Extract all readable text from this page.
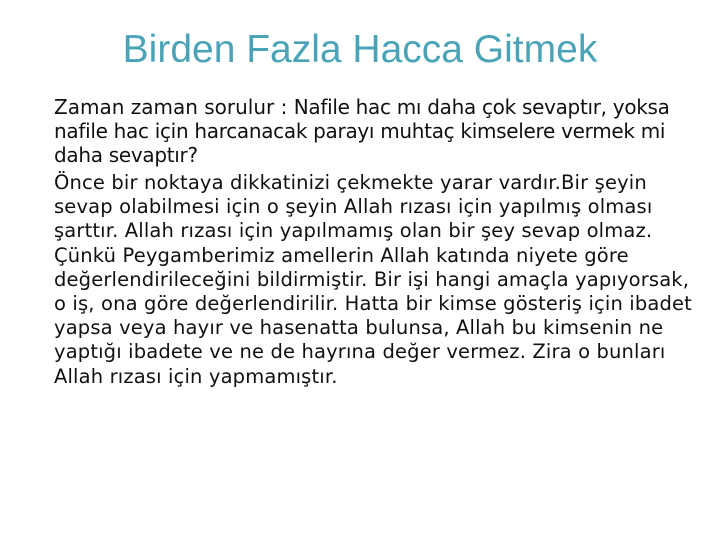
Birden Fazla Hacca Gitmek

Zaman zaman sorulur : Nafile hac mı daha çok sevaptır, yoksa nafile hac için harcanacak parayı muhtaç kimselere vermek mi daha sevaptır?

Önce bir noktaya dikkatinizi çekmekte yarar vardır.Bir şeyin sevap olabilmesi için o şeyin Allah rızası için yapılmış olması şarttır. Allah rızası için yapılmamış olan bir şey sevap olmaz. Çünkü Peygamberimiz amellerin Allah katında niyete göre değerlendirileceğini bildirmiştir. Bir işi hangi amaçla yapıyorsak, o iş, ona göre değerlendirilir. Hatta bir kimse gösteriş için ibadet yapsa veya hayır ve hasenatta bulunsa, Allah bu kimsenin ne yaptığı ibadete ve ne de hayrına değer vermez. Zira o bunları Allah rızası için yapmamıştır.
